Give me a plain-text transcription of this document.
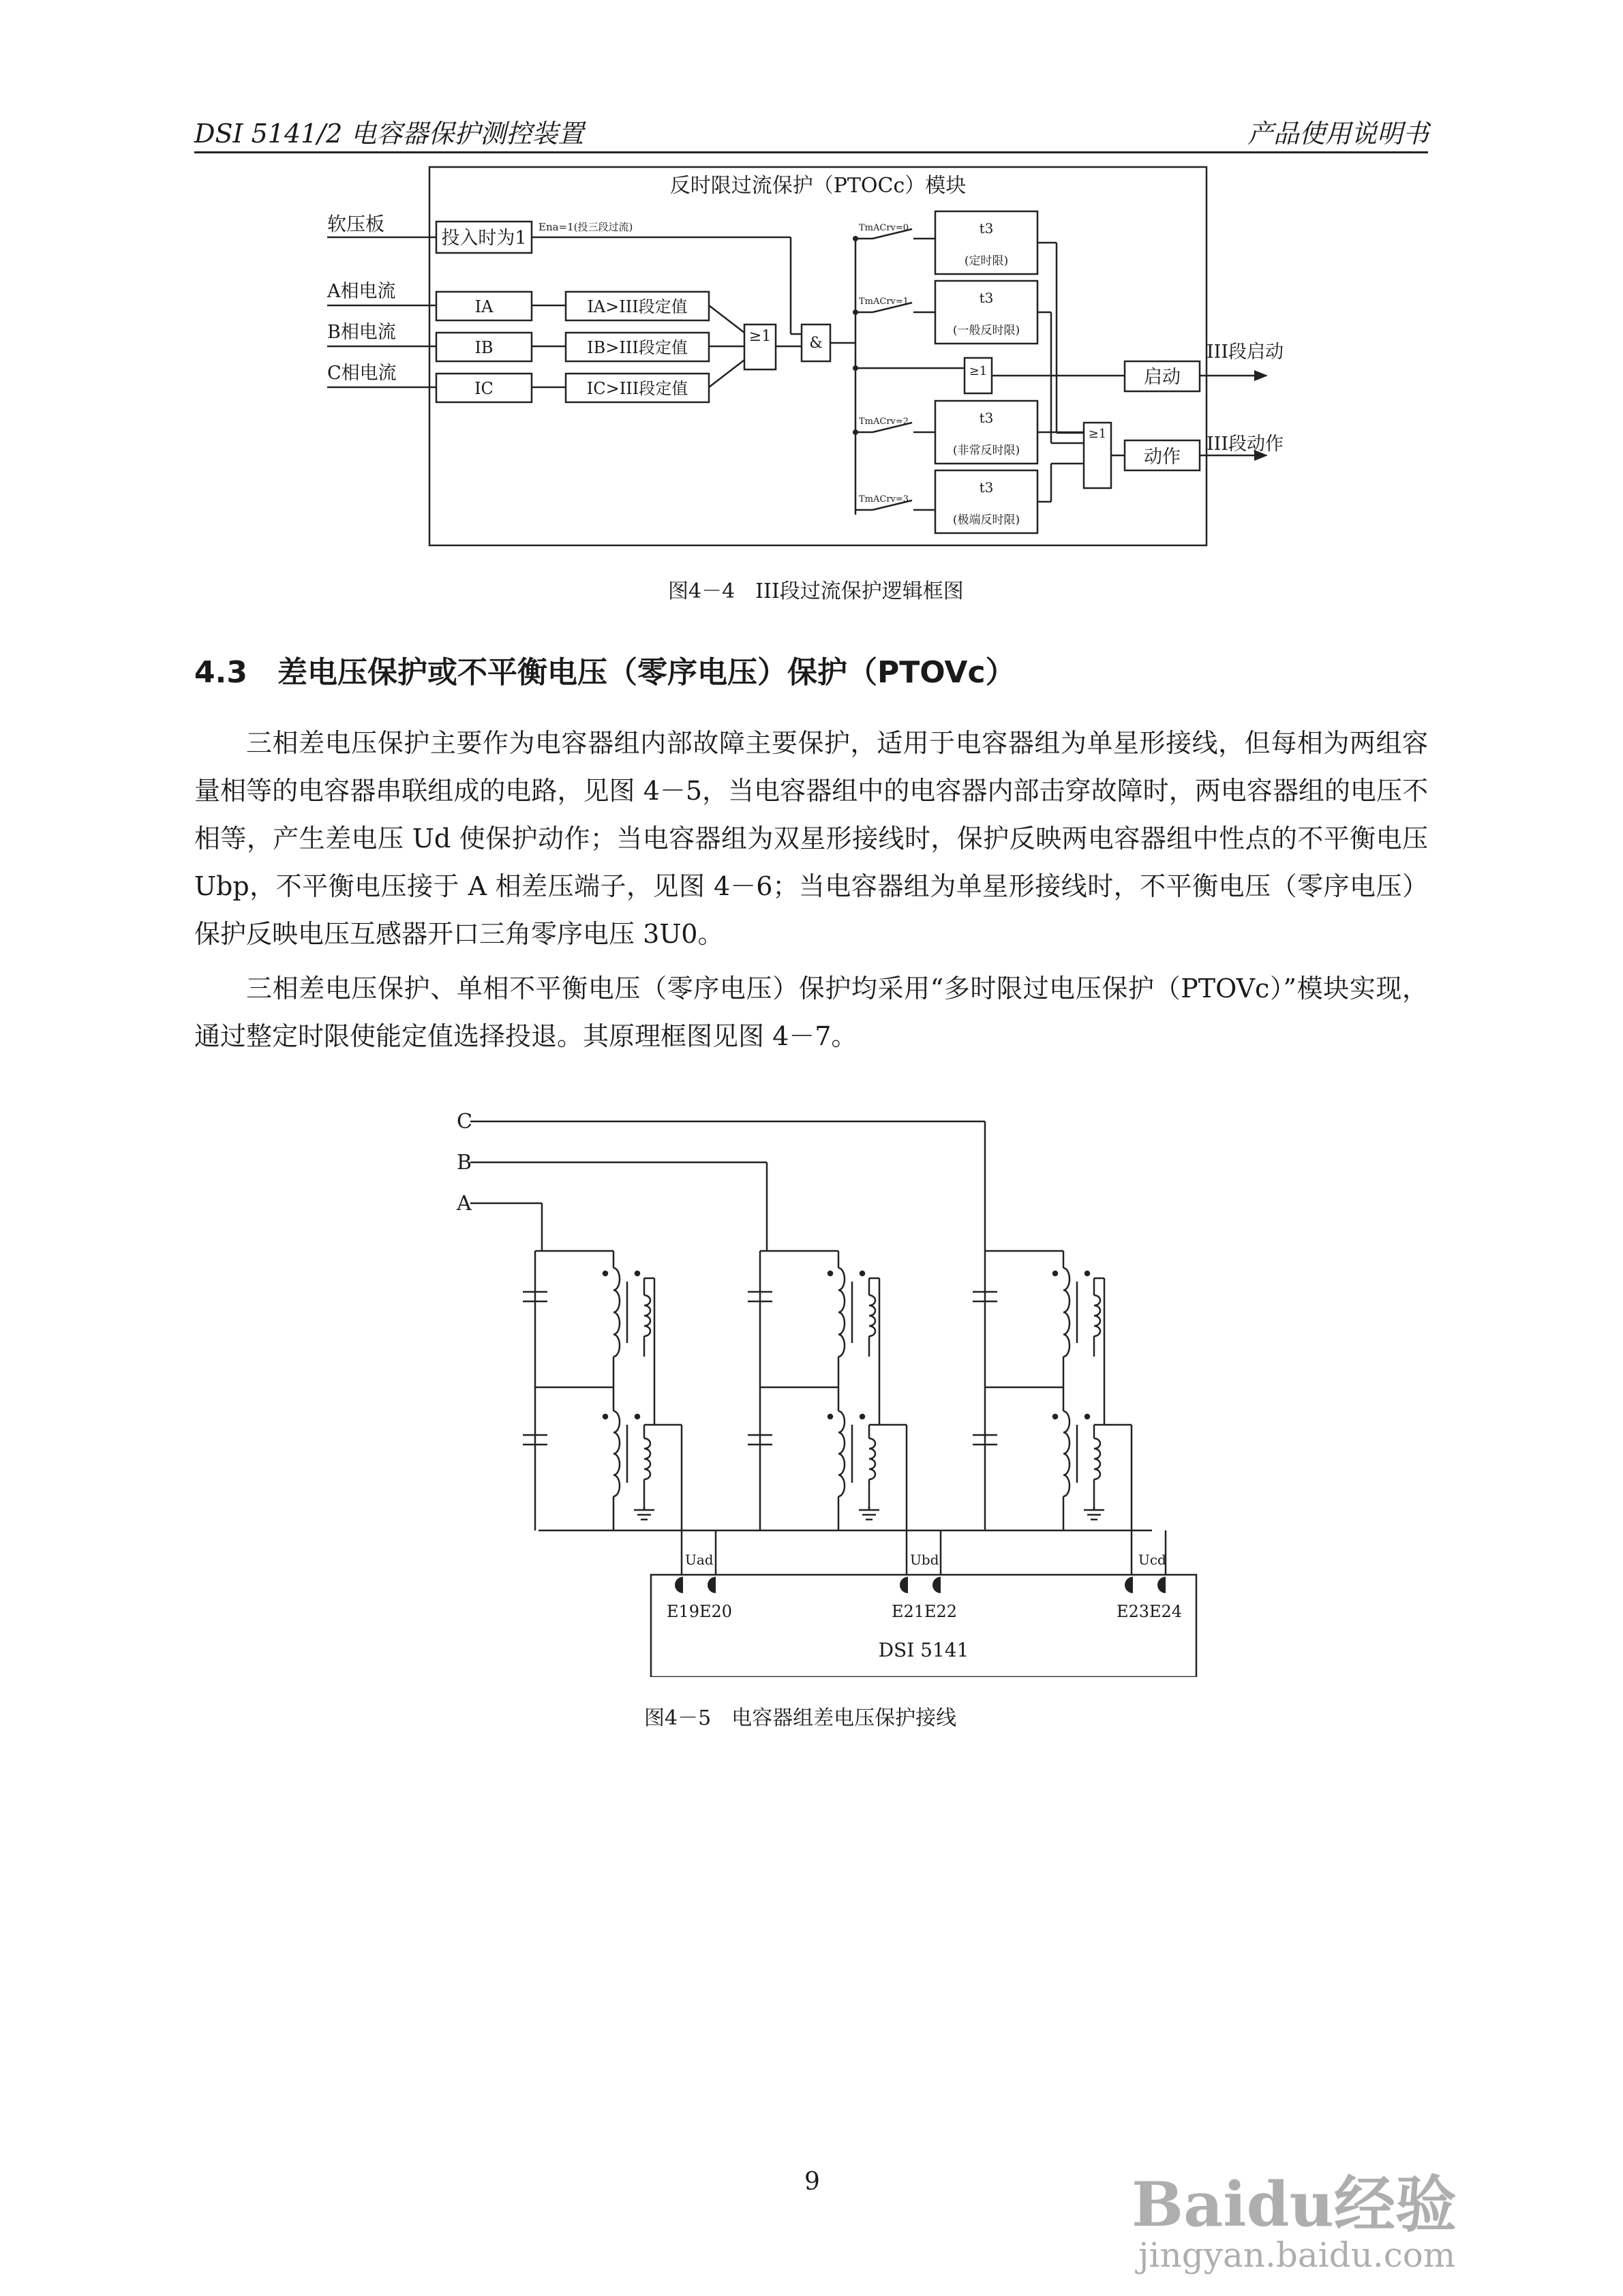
DSI 5141/2 电容器保护测控装置	产品使用说明书
反时限过流保护（PTOCc）模块
软压板
投入时为1
Ena=1(投三段过流)
A相电流
B相电流
C相电流
IA
IB
IC
IA>III段定值
IB>III段定值
IC>III段定值
≥1	&
≥1
≥1
TmACrv=0
TmACrv=1
TmACrv=2
TmACrv=3
t3
(定时限)
t3
(一般反时限)
t3
(非常反时限)
t3
(极端反时限)
启动
动作
III段启动
III段动作
图4－4　III段过流保护逻辑框图
4.3　差电压保护或不平衡电压（零序电压）保护（PTOVc）

三相差电压保护主要作为电容器组内部故障主要保护，适用于电容器组为单星形接线，但每相为两组容量相等的电容器串联组成的电路，见图 4－5，当电容器组中的电容器内部击穿故障时，两电容器组的电压不相等，产生差电压 Ud 使保护动作；当电容器组为双星形接线时，保护反映两电容器组中性点的不平衡电压 Ubp，不平衡电压接于 A 相差压端子，见图 4－6；当电容器组为单星形接线时，不平衡电压（零序电压）保护反映电压互感器开口三角零序电压 3U0。

三相差电压保护、单相不平衡电压（零序电压）保护均采用“多时限过电压保护（PTOVc）”模块实现，通过整定时限使能定值选择投退。其原理框图见图 4－7。

C
B
A
Uad	Ubd	Ucd
E19 E20	E21 E22	E23 E24
DSI 5141
图4－5　电容器组差电压保护接线
9	Baidu经验
jingyan.baidu.com
